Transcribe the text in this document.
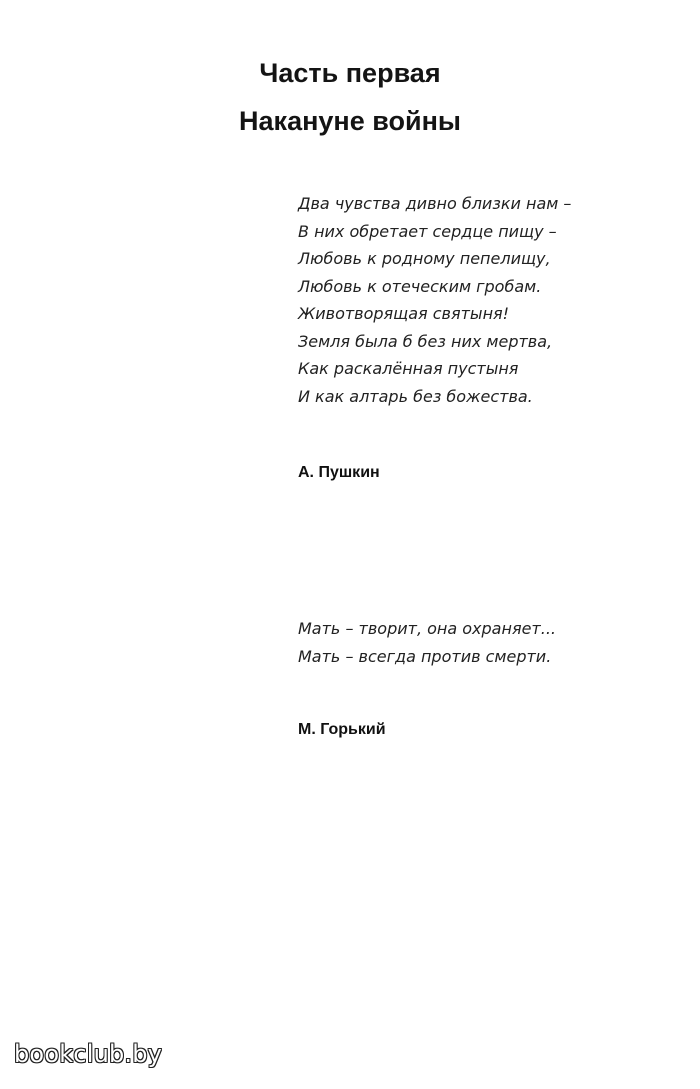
Часть первая
Накануне войны
Два чувства дивно близки нам –
В них обретает сердце пищу –
Любовь к родному пепелищу,
Любовь к отеческим гробам.
Животворящая святыня!
Земля была б без них мертва,
Как раскалённая пустыня
И как алтарь без божества.
А. Пушкин
Мать – творит, она охраняет...
Мать – всегда против смерти.
М. Горький
bookclub.by
